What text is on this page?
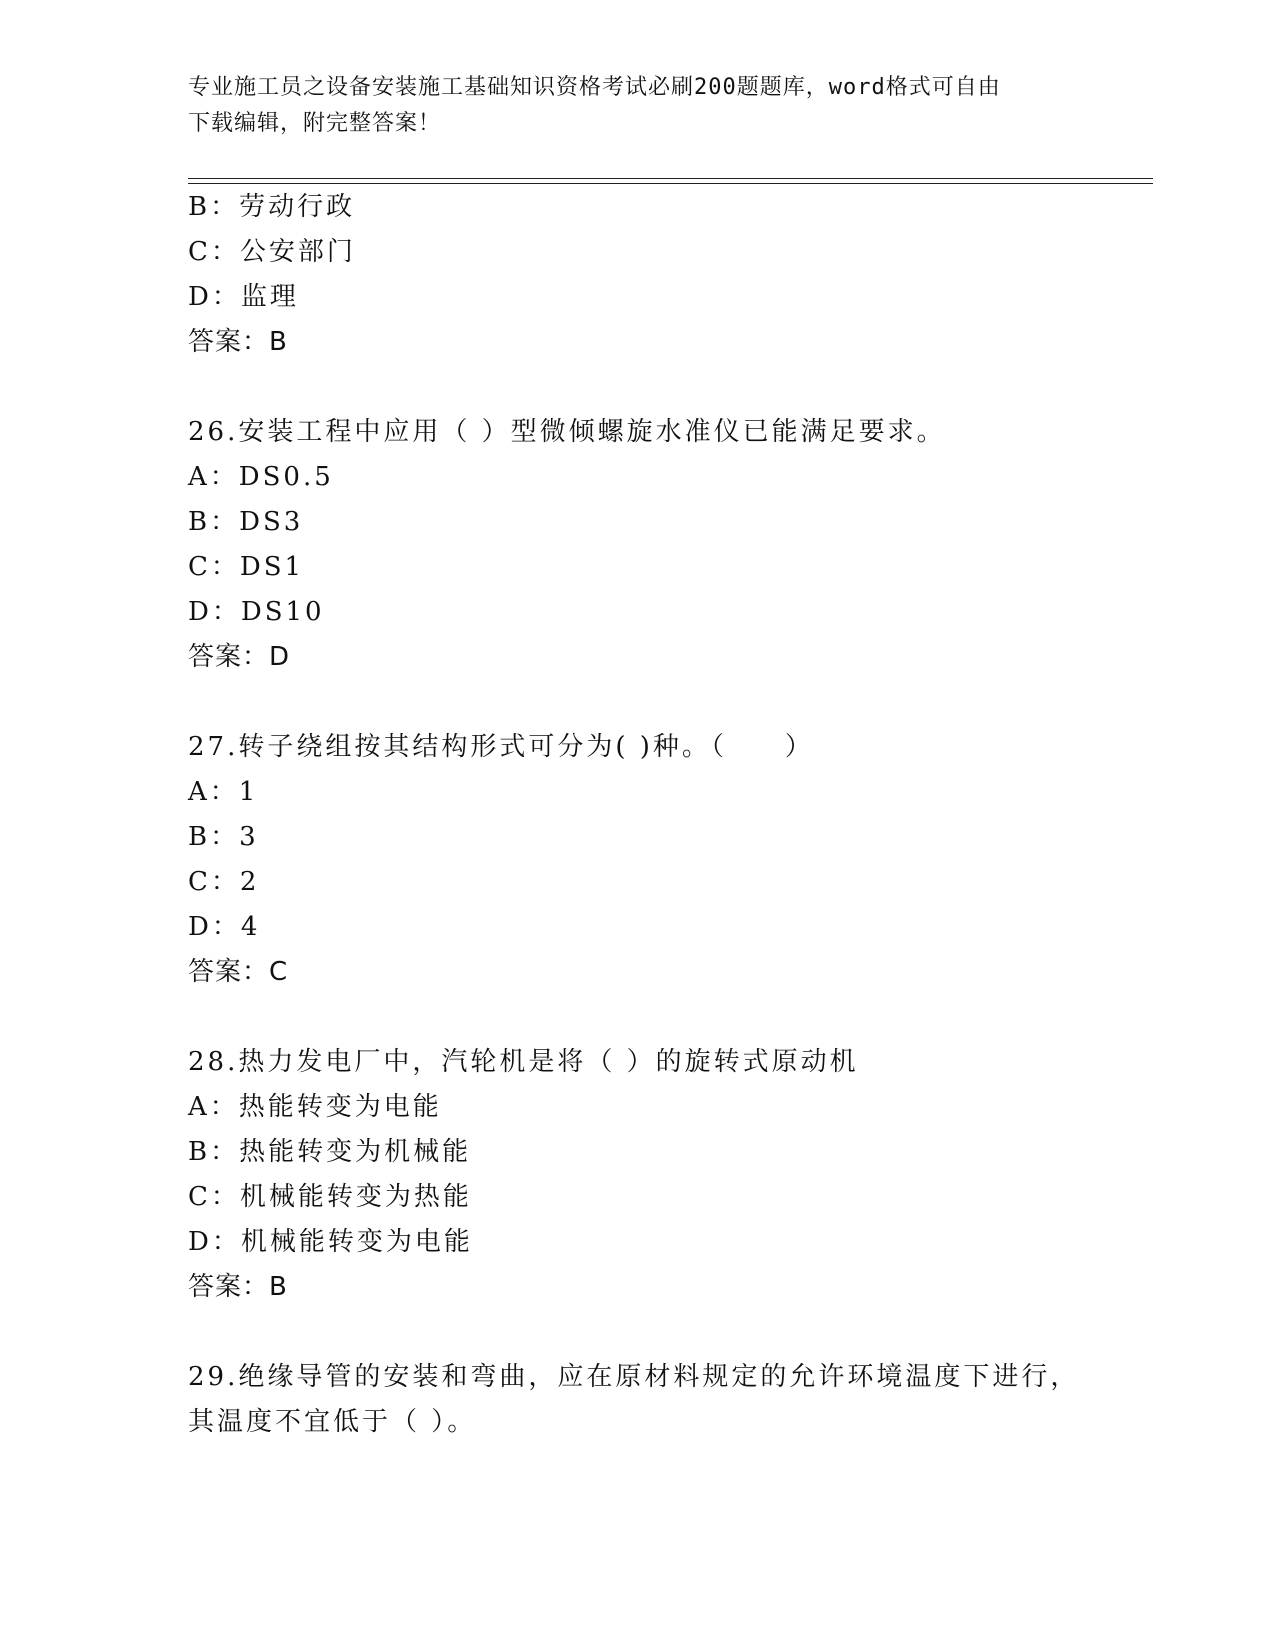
专业施工员之设备安装施工基础知识资格考试必刷200题题库，word格式可自由
下载编辑，附完整答案！
B：劳动行政
C：公安部门
D：监理
答案：B
26.安装工程中应用（ ）型微倾螺旋水准仪已能满足要求。
A：DS0.5
B：DS3
C：DS1
D：DS10
答案：D
27.转子绕组按其结构形式可分为( )种。（　　）
A：1
B：3
C：2
D：4
答案：C
28.热力发电厂中，汽轮机是将（ ）的旋转式原动机
A：热能转变为电能
B：热能转变为机械能
C：机械能转变为热能
D：机械能转变为电能
答案：B
29.绝缘导管的安装和弯曲，应在原材料规定的允许环境温度下进行，
其温度不宜低于（ ）。
